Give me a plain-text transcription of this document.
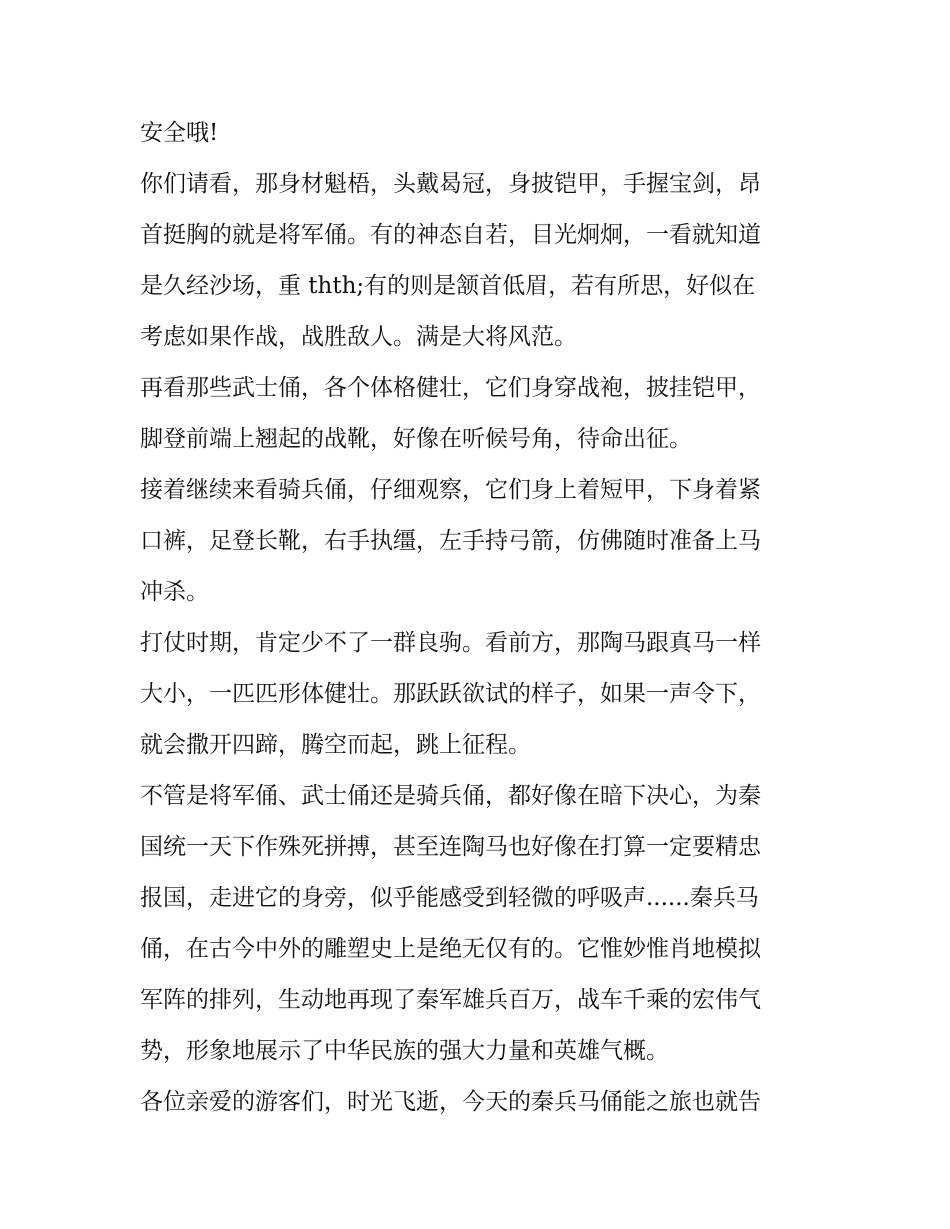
安全哦!

你们请看，那身材魁梧，头戴曷冠，身披铠甲，手握宝剑，昂
首挺胸的就是将军俑。有的神态自若，目光炯炯，一看就知道
是久经沙场，重 thth;有的则是颔首低眉，若有所思，好似在
考虑如果作战，战胜敌人。满是大将风范。

再看那些武士俑，各个体格健壮，它们身穿战袍，披挂铠甲，
脚登前端上翘起的战靴，好像在听候号角，待命出征。

接着继续来看骑兵俑，仔细观察，它们身上着短甲，下身着紧
口裤，足登长靴，右手执缰，左手持弓箭，仿佛随时准备上马
冲杀。

打仗时期，肯定少不了一群良驹。看前方，那陶马跟真马一样
大小，一匹匹形体健壮。那跃跃欲试的样子，如果一声令下，
就会撒开四蹄，腾空而起，跳上征程。

不管是将军俑、武士俑还是骑兵俑，都好像在暗下决心，为秦
国统一天下作殊死拼搏，甚至连陶马也好像在打算一定要精忠
报国，走进它的身旁，似乎能感受到轻微的呼吸声......秦兵马
俑，在古今中外的雕塑史上是绝无仅有的。它惟妙惟肖地模拟
军阵的排列，生动地再现了秦军雄兵百万，战车千乘的宏伟气
势，形象地展示了中华民族的强大力量和英雄气概。

各位亲爱的游客们，时光飞逝，今天的秦兵马俑能之旅也就告
